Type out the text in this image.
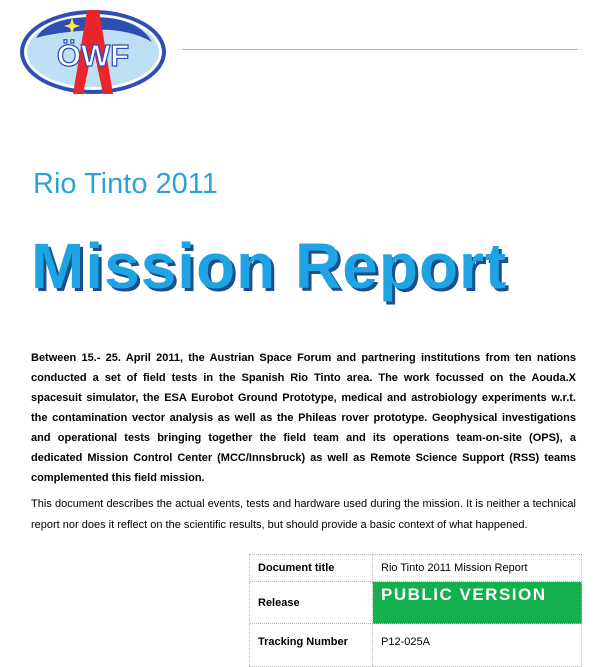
ÖWF
Rio Tinto 2011
Mission Report

Between 15.- 25. April 2011, the Austrian Space Forum and partnering institutions from ten nations conducted a set of field tests in the Spanish Rio Tinto area. The work focussed on the Aouda.X spacesuit simulator, the ESA Eurobot Ground Prototype, medical and astrobiology experiments w.r.t. the contamination vector analysis as well as the Phileas rover prototype. Geophysical investigations and operational tests bringing together the field team and its operations team-on-site (OPS), a dedicated Mission Control Center (MCC/Innsbruck) as well as Remote Science Support (RSS) teams complemented this field mission.

This document describes the actual events, tests and hardware used during the mission. It is neither a technical report nor does it reflect on the scientific results, but should provide a basic context of what happened.

Document title	Rio Tinto 2011 Mission Report
Release	PUBLIC VERSION
Tracking Number	P12-025A
